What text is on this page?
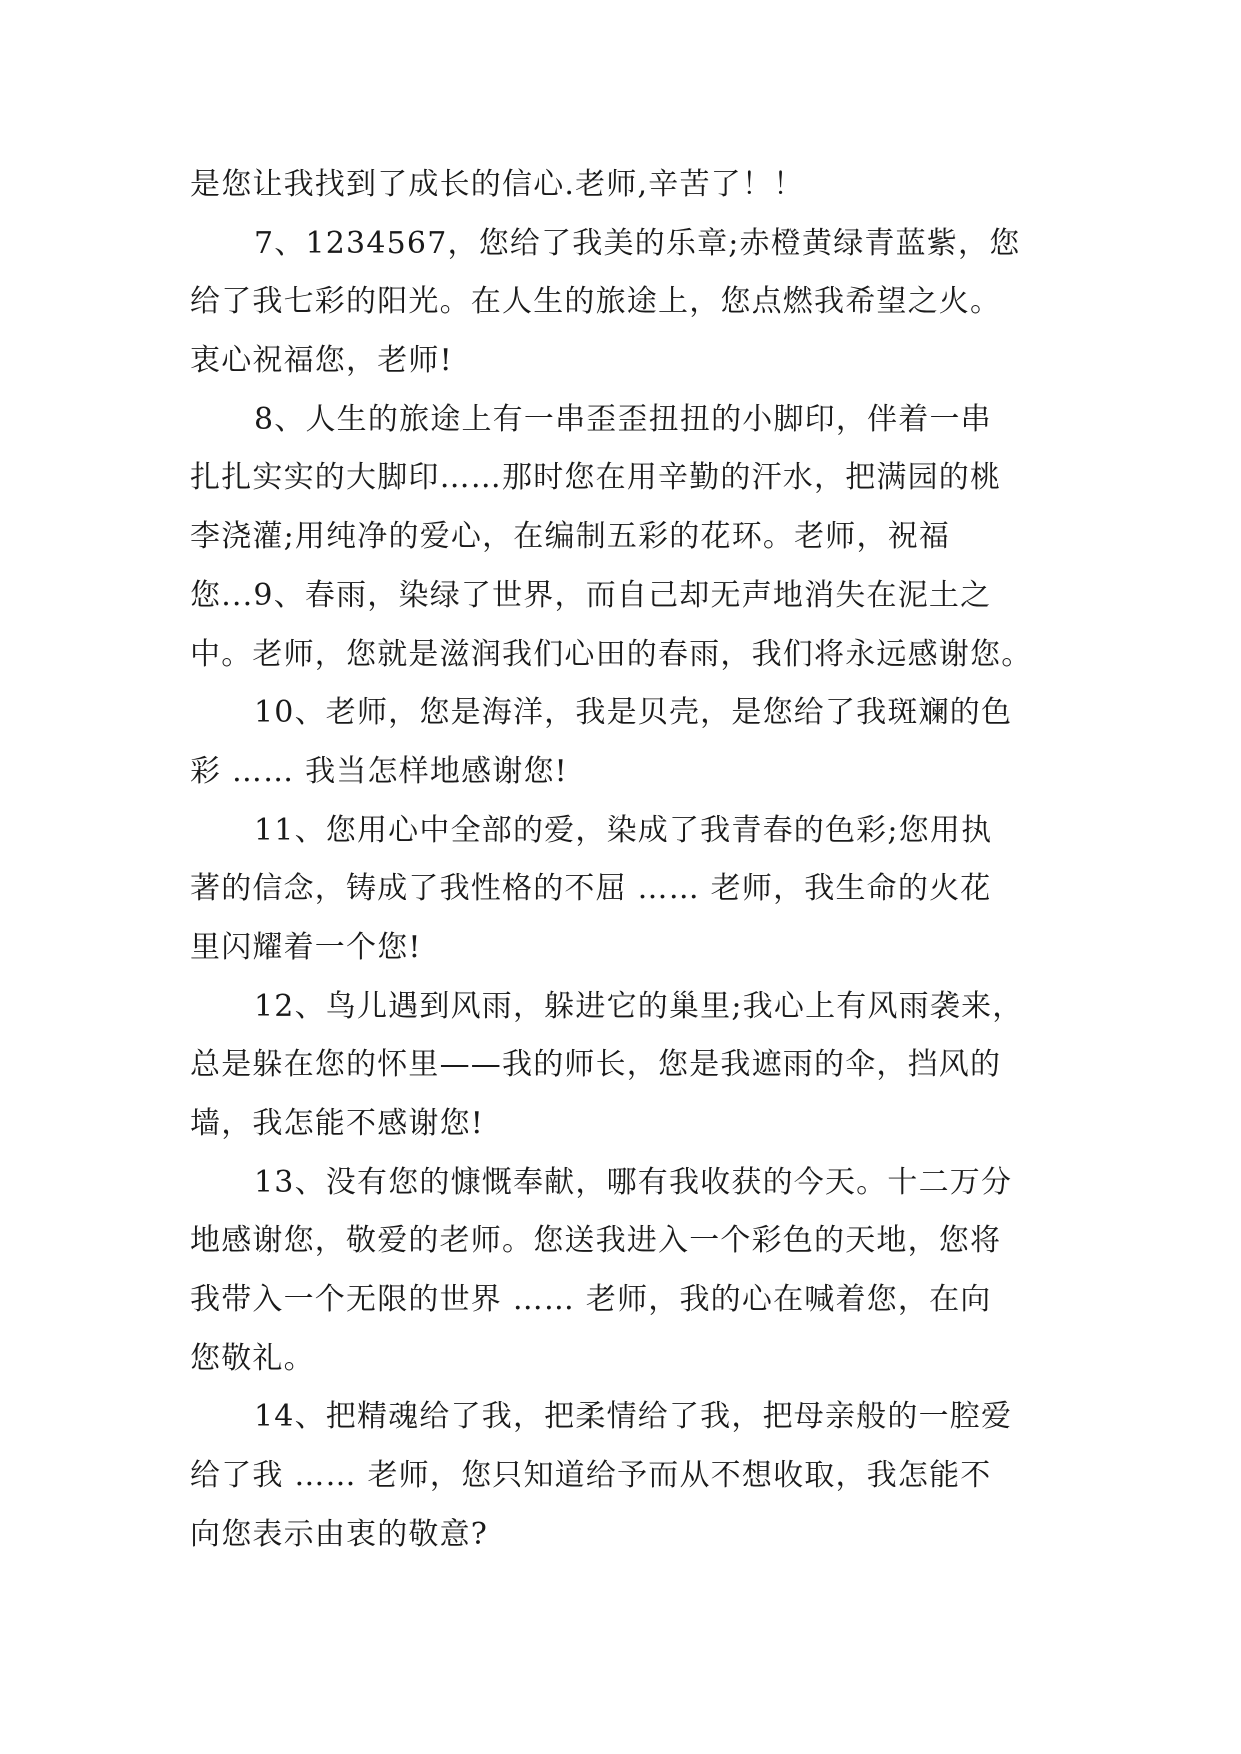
是您让我找到了成长的信心.老师,辛苦了！！
7、1234567，您给了我美的乐章;赤橙黄绿青蓝紫，您
给了我七彩的阳光。在人生的旅途上，您点燃我希望之火。
衷心祝福您，老师!
8、人生的旅途上有一串歪歪扭扭的小脚印，伴着一串
扎扎实实的大脚印……那时您在用辛勤的汗水，把满园的桃
李浇灌;用纯净的爱心，在编制五彩的花环。老师，祝福
您...9、春雨，染绿了世界，而自己却无声地消失在泥土之
中。老师，您就是滋润我们心田的春雨，我们将永远感谢您。
10、老师，您是海洋，我是贝壳，是您给了我斑斓的色
彩 …… 我当怎样地感谢您!
11、您用心中全部的爱，染成了我青春的色彩;您用执
著的信念，铸成了我性格的不屈 …… 老师，我生命的火花
里闪耀着一个您!
12、鸟儿遇到风雨，躲进它的巢里;我心上有风雨袭来，
总是躲在您的怀里——我的师长，您是我遮雨的伞，挡风的
墙，我怎能不感谢您!
13、没有您的慷慨奉献，哪有我收获的今天。十二万分
地感谢您，敬爱的老师。您送我进入一个彩色的天地，您将
我带入一个无限的世界 …… 老师，我的心在喊着您，在向
您敬礼。
14、把精魂给了我，把柔情给了我，把母亲般的一腔爱
给了我 …… 老师，您只知道给予而从不想收取，我怎能不
向您表示由衷的敬意?
